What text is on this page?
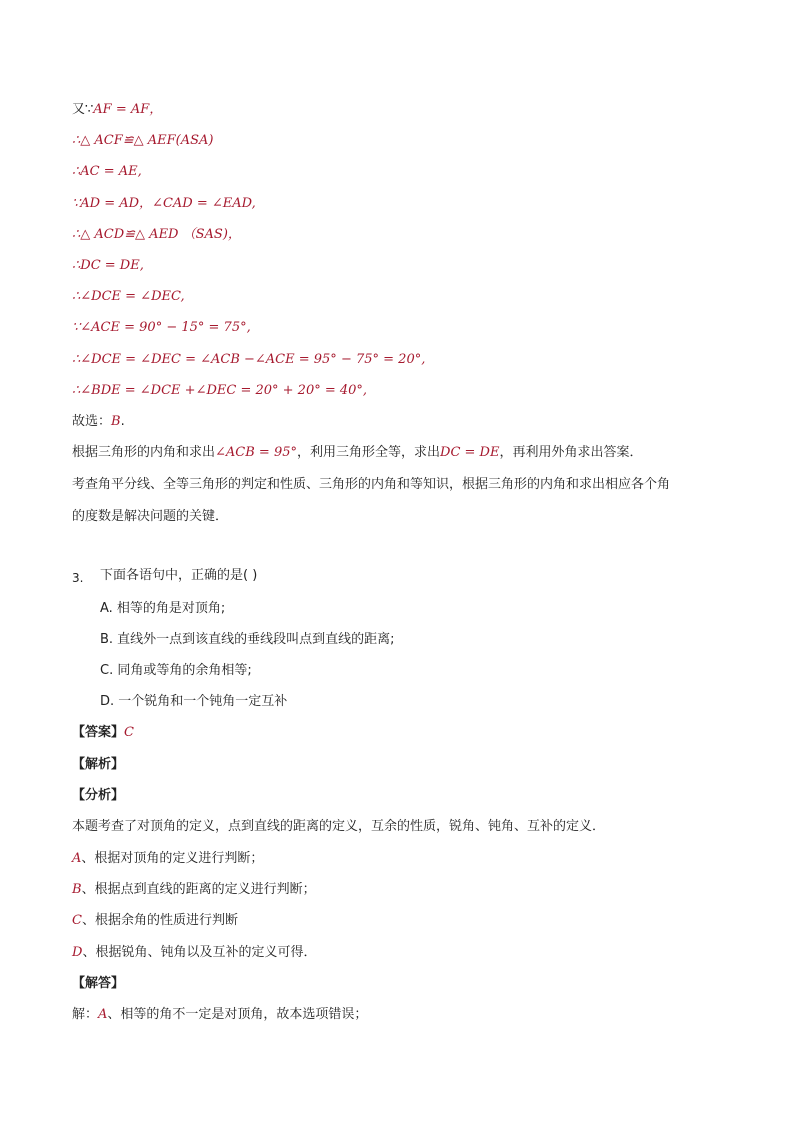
又∵AF = AF，
∴△ ACF≌△ AEF(ASA)
∴AC = AE,
∵AD = AD，∠CAD = ∠EAD,
∴△ ACD≌△ AED （SAS)，
∴DC = DE,
∴∠DCE = ∠DEC,
∵∠ACE = 90° − 15° = 75°,
∴∠DCE = ∠DEC = ∠ACB −∠ACE = 95° − 75° = 20°,
∴∠BDE = ∠DCE +∠DEC = 20° + 20° = 40°,
故选：B.
根据三角形的内角和求出∠ACB = 95°，利用三角形全等，求出DC = DE，再利用外角求出答案．
考查角平分线、全等三角形的判定和性质、三角形的内角和等知识，根据三角形的内角和求出相应各个角
的度数是解决问题的关键．
3. 下面各语句中，正确的是( )
A. 相等的角是对顶角;
B. 直线外一点到该直线的垂线段叫点到直线的距离;
C. 同角或等角的余角相等;
D. 一个锐角和一个钝角一定互补
【答案】C
【解析】
【分析】
本题考查了对顶角的定义，点到直线的距离的定义，互余的性质，锐角、钝角、互补的定义．
A、根据对顶角的定义进行判断；
B、根据点到直线的距离的定义进行判断；
C、根据余角的性质进行判断
D、根据锐角、钝角以及互补的定义可得．
【解答】
解：A、相等的角不一定是对顶角，故本选项错误；
